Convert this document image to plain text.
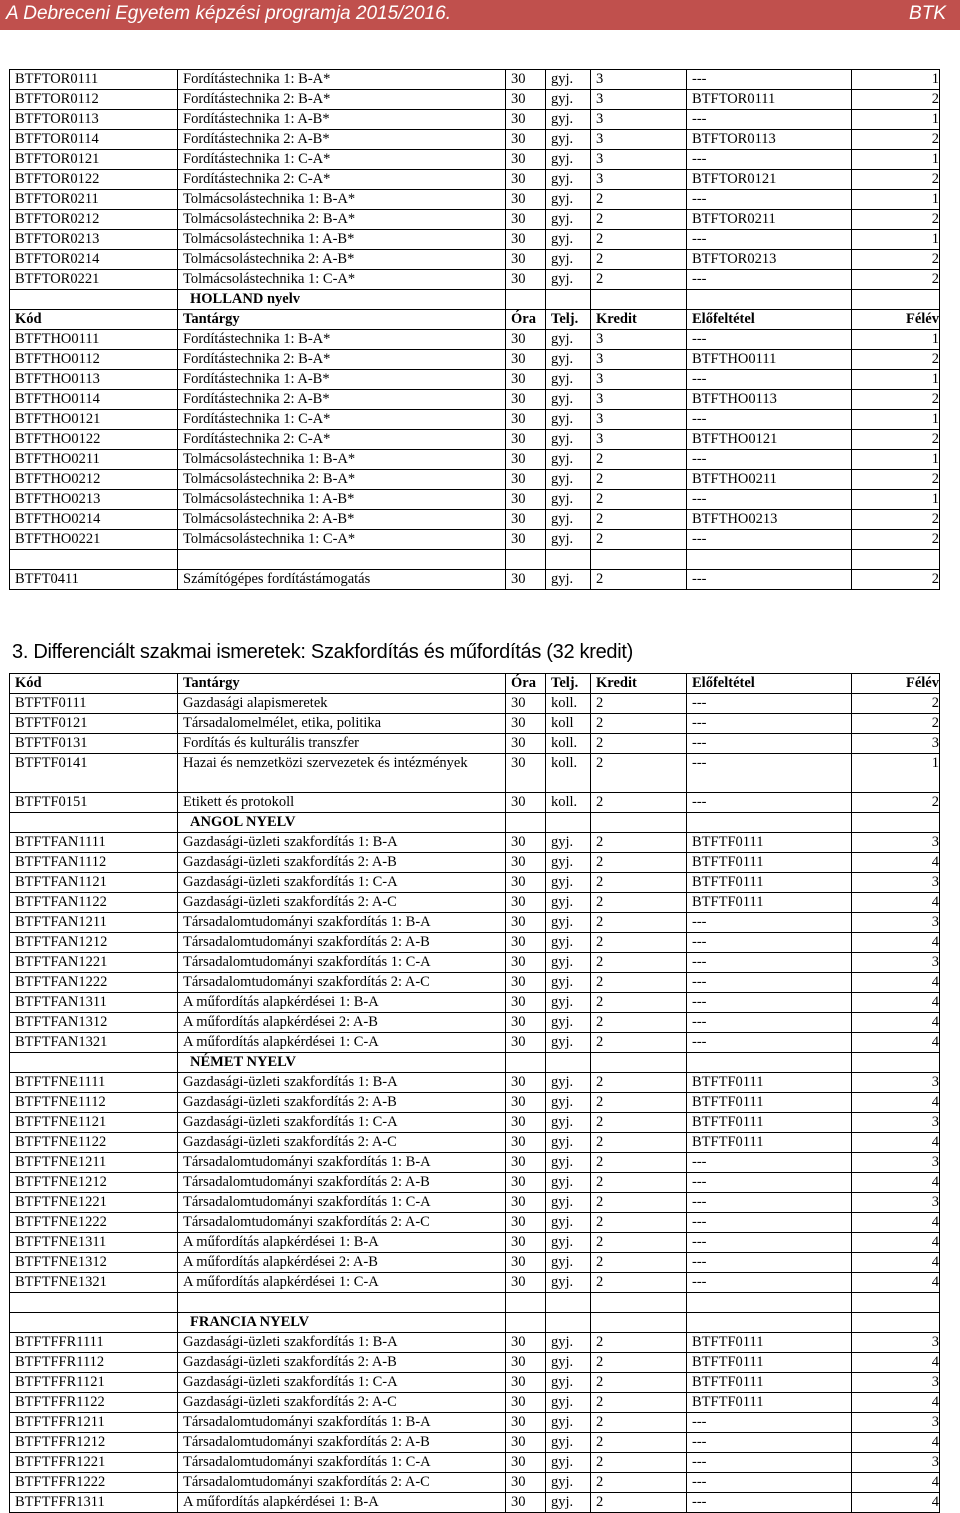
A Debreceni Egyetem képzési programja 2015/2016.	BTK
BTFTOR0111	Fordítástechnika 1: B-A*	30	gyj.	3	---	1
BTFTOR0112	Fordítástechnika 2: B-A*	30	gyj.	3	BTFTOR0111	2
BTFTOR0113	Fordítástechnika 1: A-B*	30	gyj.	3	---	1
BTFTOR0114	Fordítástechnika 2: A-B*	30	gyj.	3	BTFTOR0113	2
BTFTOR0121	Fordítástechnika 1: C-A*	30	gyj.	3	---	1
BTFTOR0122	Fordítástechnika 2: C-A*	30	gyj.	3	BTFTOR0121	2
BTFTOR0211	Tolmácsolástechnika 1: B-A*	30	gyj.	2	---	1
BTFTOR0212	Tolmácsolástechnika 2: B-A*	30	gyj.	2	BTFTOR0211	2
BTFTOR0213	Tolmácsolástechnika 1: A-B*	30	gyj.	2	---	1
BTFTOR0214	Tolmácsolástechnika 2: A-B*	30	gyj.	2	BTFTOR0213	2
BTFTOR0221	Tolmácsolástechnika 1: C-A*	30	gyj.	2	---	2
	HOLLAND nyelv					
Kód	Tantárgy	Óra	Telj.	Kredit	Előfeltétel	Félév
BTFTHO0111	Fordítástechnika 1: B-A*	30	gyj.	3	---	1
BTFTHO0112	Fordítástechnika 2: B-A*	30	gyj.	3	BTFTHO0111	2
BTFTHO0113	Fordítástechnika 1: A-B*	30	gyj.	3	---	1
BTFTHO0114	Fordítástechnika 2: A-B*	30	gyj.	3	BTFTHO0113	2
BTFTHO0121	Fordítástechnika 1: C-A*	30	gyj.	3	---	1
BTFTHO0122	Fordítástechnika 2: C-A*	30	gyj.	3	BTFTHO0121	2
BTFTHO0211	Tolmácsolástechnika 1: B-A*	30	gyj.	2	---	1
BTFTHO0212	Tolmácsolástechnika 2: B-A*	30	gyj.	2	BTFTHO0211	2
BTFTHO0213	Tolmácsolástechnika 1: A-B*	30	gyj.	2	---	1
BTFTHO0214	Tolmácsolástechnika 2: A-B*	30	gyj.	2	BTFTHO0213	2
BTFTHO0221	Tolmácsolástechnika 1: C-A*	30	gyj.	2	---	2

BTFT0411	Számítógépes fordítástámogatás	30	gyj.	2	---	2
3. Differenciált szakmai ismeretek: Szakfordítás és műfordítás (32 kredit)
Kód	Tantárgy	Óra	Telj.	Kredit	Előfeltétel	Félév
BTFTF0111	Gazdasági alapismeretek	30	koll.	2	---	2
BTFTF0121	Társadalomelmélet, etika, politika	30	koll	2	---	2
BTFTF0131	Fordítás és kulturális transzfer	30	koll.	2	---	3
BTFTF0141	Hazai és nemzetközi szervezetek és intézmények	30	koll.	2	---	1
BTFTF0151	Etikett és protokoll	30	koll.	2	---	2
	ANGOL NYELV					
BTFTFAN1111	Gazdasági-üzleti szakfordítás 1: B-A	30	gyj.	2	BTFTF0111	3
BTFTFAN1112	Gazdasági-üzleti szakfordítás 2: A-B	30	gyj.	2	BTFTF0111	4
BTFTFAN1121	Gazdasági-üzleti szakfordítás 1: C-A	30	gyj.	2	BTFTF0111	3
BTFTFAN1122	Gazdasági-üzleti szakfordítás 2: A-C	30	gyj.	2	BTFTF0111	4
BTFTFAN1211	Társadalomtudományi szakfordítás 1: B-A	30	gyj.	2	---	3
BTFTFAN1212	Társadalomtudományi szakfordítás 2: A-B	30	gyj.	2	---	4
BTFTFAN1221	Társadalomtudományi szakfordítás 1: C-A	30	gyj.	2	---	3
BTFTFAN1222	Társadalomtudományi szakfordítás 2: A-C	30	gyj.	2	---	4
BTFTFAN1311	A műfordítás alapkérdései 1: B-A	30	gyj.	2	---	4
BTFTFAN1312	A műfordítás alapkérdései 2: A-B	30	gyj.	2	---	4
BTFTFAN1321	A műfordítás alapkérdései 1: C-A	30	gyj.	2	---	4
	NÉMET NYELV					
BTFTFNE1111	Gazdasági-üzleti szakfordítás 1: B-A	30	gyj.	2	BTFTF0111	3
BTFTFNE1112	Gazdasági-üzleti szakfordítás 2: A-B	30	gyj.	2	BTFTF0111	4
BTFTFNE1121	Gazdasági-üzleti szakfordítás 1: C-A	30	gyj.	2	BTFTF0111	3
BTFTFNE1122	Gazdasági-üzleti szakfordítás 2: A-C	30	gyj.	2	BTFTF0111	4
BTFTFNE1211	Társadalomtudományi szakfordítás 1: B-A	30	gyj.	2	---	3
BTFTFNE1212	Társadalomtudományi szakfordítás 2: A-B	30	gyj.	2	---	4
BTFTFNE1221	Társadalomtudományi szakfordítás 1: C-A	30	gyj.	2	---	3
BTFTFNE1222	Társadalomtudományi szakfordítás 2: A-C	30	gyj.	2	---	4
BTFTFNE1311	A műfordítás alapkérdései 1: B-A	30	gyj.	2	---	4
BTFTFNE1312	A műfordítás alapkérdései 2: A-B	30	gyj.	2	---	4
BTFTFNE1321	A műfordítás alapkérdései 1: C-A	30	gyj.	2	---	4

	FRANCIA NYELV					
BTFTFFR1111	Gazdasági-üzleti szakfordítás 1: B-A	30	gyj.	2	BTFTF0111	3
BTFTFFR1112	Gazdasági-üzleti szakfordítás 2: A-B	30	gyj.	2	BTFTF0111	4
BTFTFFR1121	Gazdasági-üzleti szakfordítás 1: C-A	30	gyj.	2	BTFTF0111	3
BTFTFFR1122	Gazdasági-üzleti szakfordítás 2: A-C	30	gyj.	2	BTFTF0111	4
BTFTFFR1211	Társadalomtudományi szakfordítás 1: B-A	30	gyj.	2	---	3
BTFTFFR1212	Társadalomtudományi szakfordítás 2: A-B	30	gyj.	2	---	4
BTFTFFR1221	Társadalomtudományi szakfordítás 1: C-A	30	gyj.	2	---	3
BTFTFFR1222	Társadalomtudományi szakfordítás 2: A-C	30	gyj.	2	---	4
BTFTFFR1311	A műfordítás alapkérdései 1: B-A	30	gyj.	2	---	4
